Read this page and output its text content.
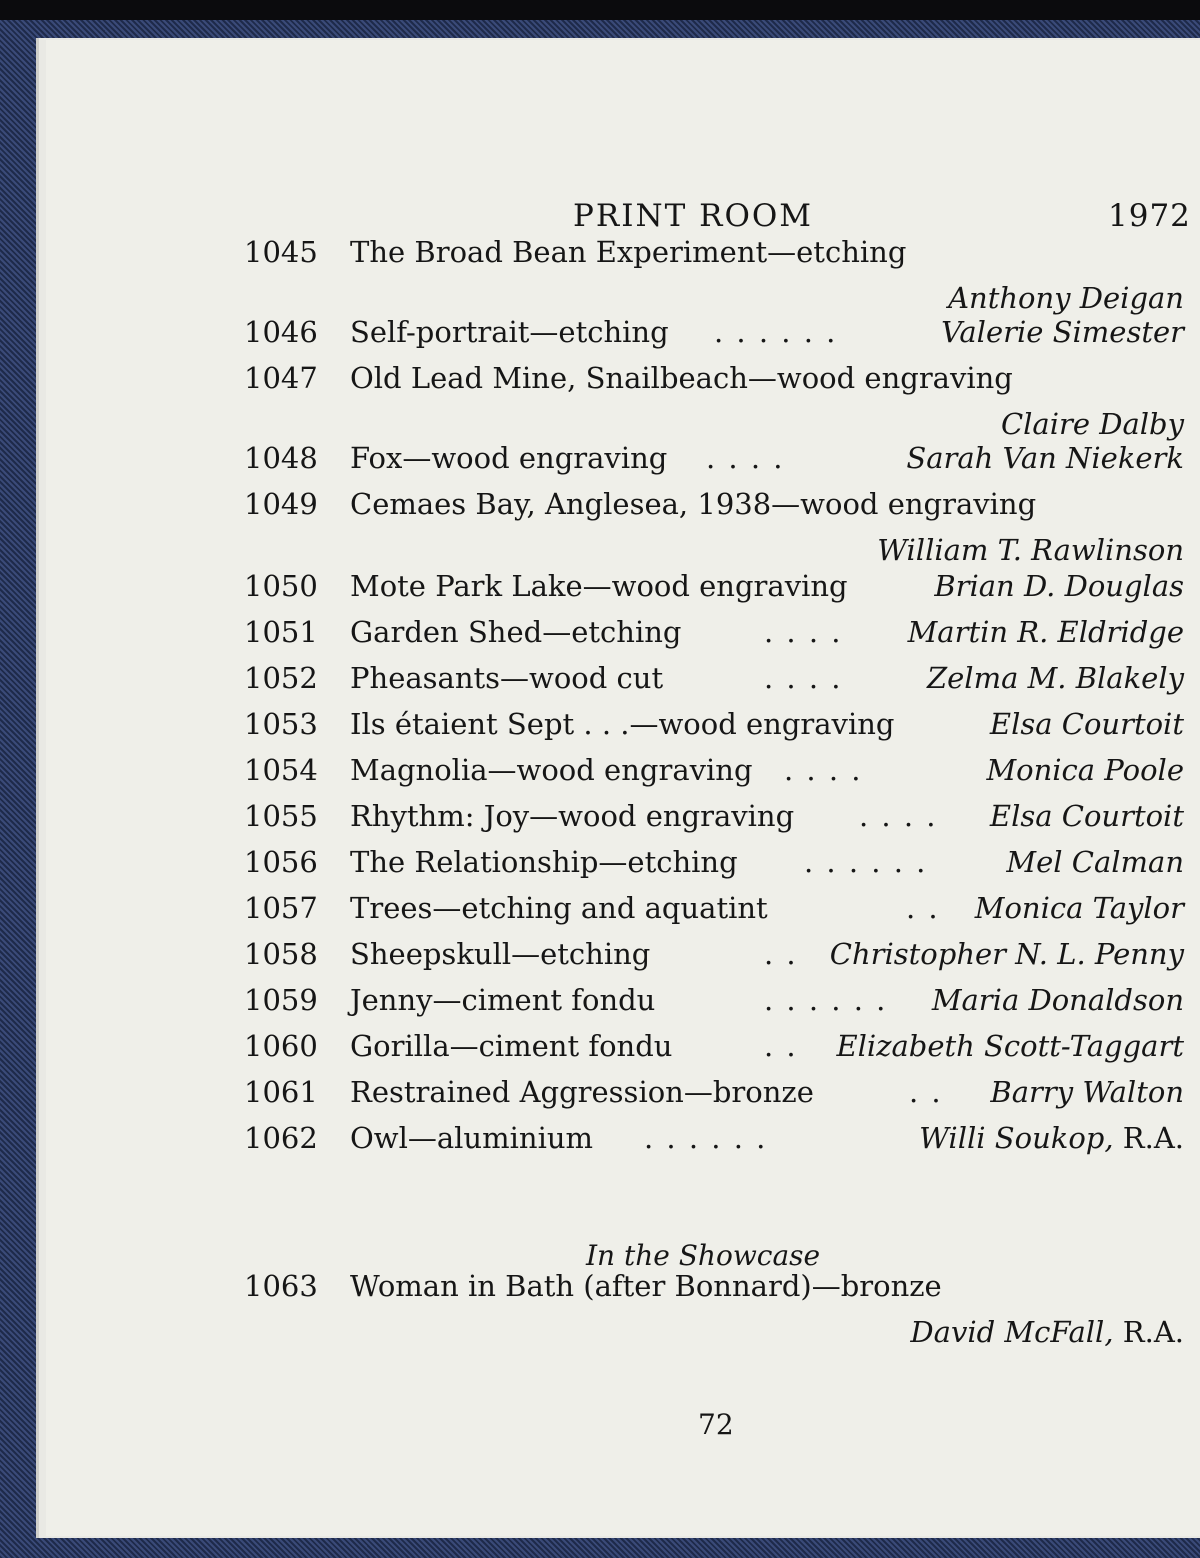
PRINT ROOM	1972
1045 The Broad Bean Experiment—etching
Anthony Deigan
1046 Self-portrait—etching . . . . . .	Valerie Simester
1047 Old Lead Mine, Snailbeach—wood engraving
Claire Dalby
1048 Fox—wood engraving . . . .	Sarah Van Niekerk
1049 Cemaes Bay, Anglesea, 1938—wood engraving
William T. Rawlinson
1050 Mote Park Lake—wood engraving	Brian D. Douglas
1051 Garden Shed—etching	. . . . Martin R. Eldridge
1052 Pheasants—wood cut	. . . .	Zelma M. Blakely
1053 Ils étaient Sept . . .—wood engraving	Elsa Courtoit
1054 Magnolia—wood engraving . . . .	Monica Poole
1055 Rhythm: Joy—wood engraving . . . . Elsa Courtoit
1056 The Relationship—etching . . . . . .	Mel Calman
1057 Trees—etching and aquatint	. . Monica Taylor
1058 Sheepskull—etching	. . Christopher N. L. Penny
1059 Jenny—ciment fondu	. . . . . . Maria Donaldson
1060 Gorilla—ciment fondu	. . Elizabeth Scott-Taggart
1061 Restrained Aggression—bronze	. . Barry Walton
1062 Owl—aluminium . . . . . .	Willi Soukop, R.A.
In the Showcase
1063 Woman in Bath (after Bonnard)—bronze
David McFall, R.A.
72
